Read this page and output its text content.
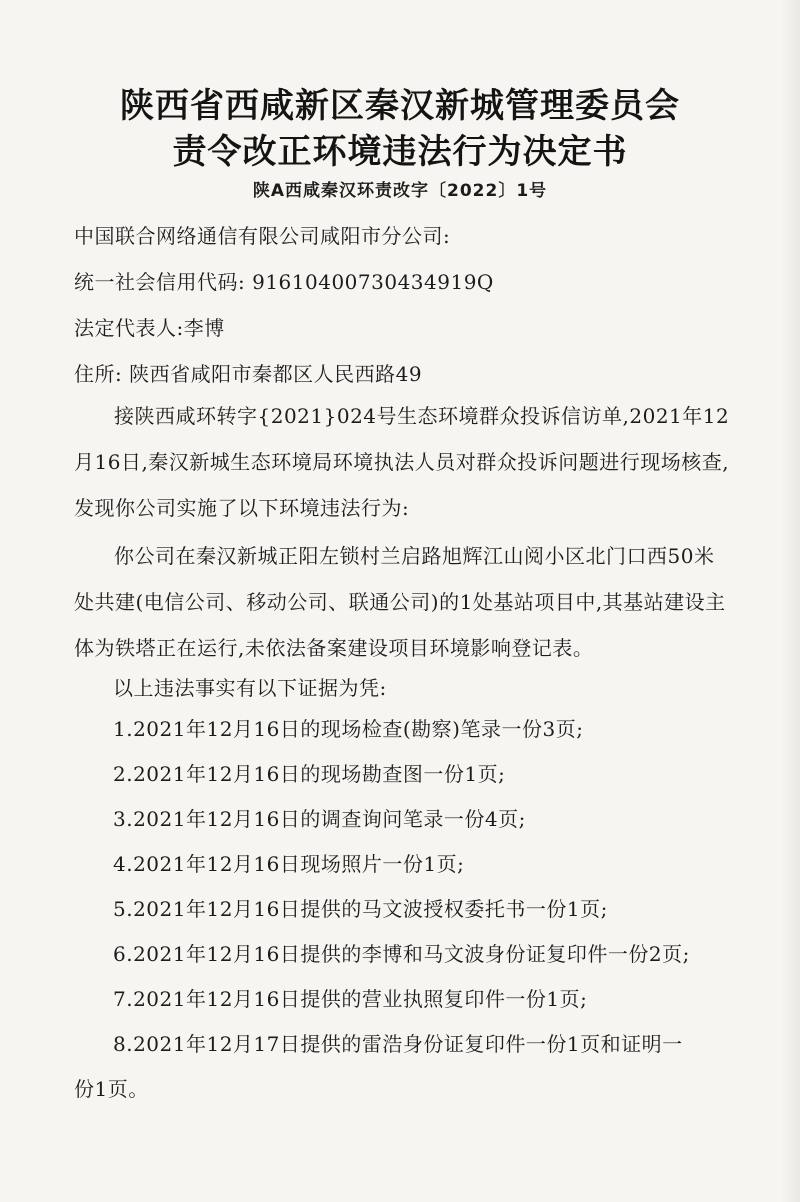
陕西省西咸新区秦汉新城管理委员会
责令改正环境违法行为决定书
陕A西咸秦汉环责改字〔2022〕1号
中国联合网络通信有限公司咸阳市分公司:
统一社会信用代码: 91610400730434919Q
法定代表人:李博
住所: 陕西省咸阳市秦都区人民西路49
接陕西咸环转字{2021}024号生态环境群众投诉信访单,2021年12月16日,秦汉新城生态环境局环境执法人员对群众投诉问题进行现场核查,发现你公司实施了以下环境违法行为:
你公司在秦汉新城正阳左锁村兰启路旭辉江山阅小区北门口西50米处共建(电信公司、移动公司、联通公司)的1处基站项目中,其基站建设主体为铁塔正在运行,未依法备案建设项目环境影响登记表。
以上违法事实有以下证据为凭:
1.2021年12月16日的现场检查(勘察)笔录一份3页;
2.2021年12月16日的现场勘查图一份1页;
3.2021年12月16日的调查询问笔录一份4页;
4.2021年12月16日现场照片一份1页;
5.2021年12月16日提供的马文波授权委托书一份1页;
6.2021年12月16日提供的李博和马文波身份证复印件一份2页;
7.2021年12月16日提供的营业执照复印件一份1页;
8.2021年12月17日提供的雷浩身份证复印件一份1页和证明一
份1页。
